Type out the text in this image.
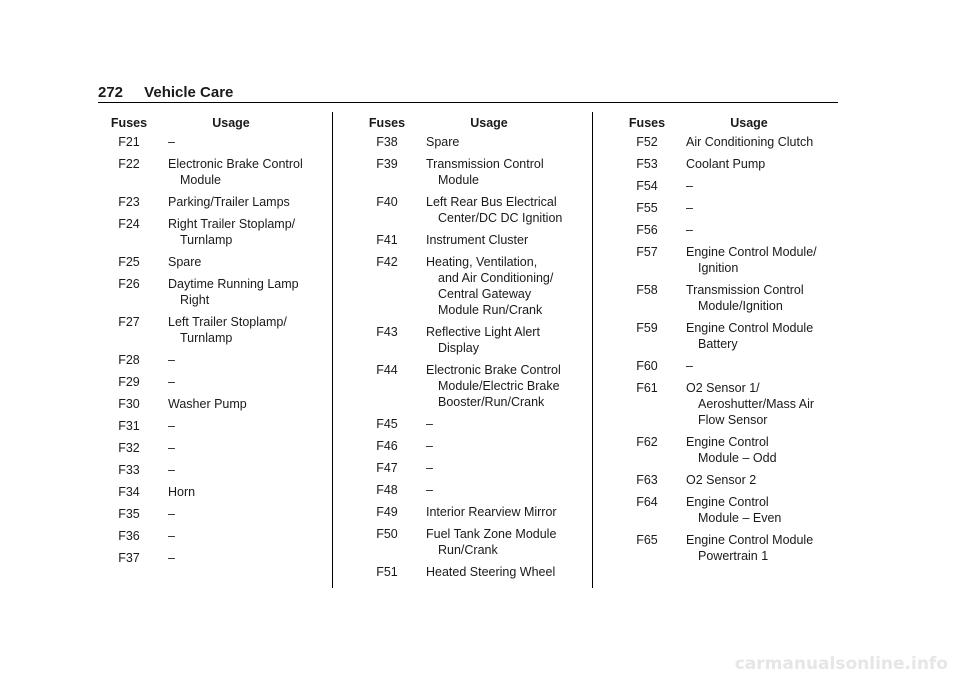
272 Vehicle Care
Fuses	Usage
F21	–
F22	Electronic Brake Control
Module
F23	Parking/Trailer Lamps
F24	Right Trailer Stoplamp/
Turnlamp
F25	Spare
F26	Daytime Running Lamp
Right
F27	Left Trailer Stoplamp/
Turnlamp
F28	–
F29	–
F30	Washer Pump
F31	–
F32	–
F33	–
F34	Horn
F35	–
F36	–
F37	–
Fuses	Usage
F38	Spare
F39	Transmission Control
Module
F40	Left Rear Bus Electrical
Center/DC DC Ignition
F41	Instrument Cluster
F42	Heating, Ventilation,
and Air Conditioning/
Central Gateway
Module Run/Crank
F43	Reflective Light Alert
Display
F44	Electronic Brake Control
Module/Electric Brake
Booster/Run/Crank
F45	–
F46	–
F47	–
F48	–
F49	Interior Rearview Mirror
F50	Fuel Tank Zone Module
Run/Crank
F51	Heated Steering Wheel
Fuses	Usage
F52	Air Conditioning Clutch
F53	Coolant Pump
F54	–
F55	–
F56	–
F57	Engine Control Module/
Ignition
F58	Transmission Control
Module/Ignition
F59	Engine Control Module
Battery
F60	–
F61	O2 Sensor 1/
Aeroshutter/Mass Air
Flow Sensor
F62	Engine Control
Module – Odd
F63	O2 Sensor 2
F64	Engine Control
Module – Even
F65	Engine Control Module
Powertrain 1
carmanualsonline.info
